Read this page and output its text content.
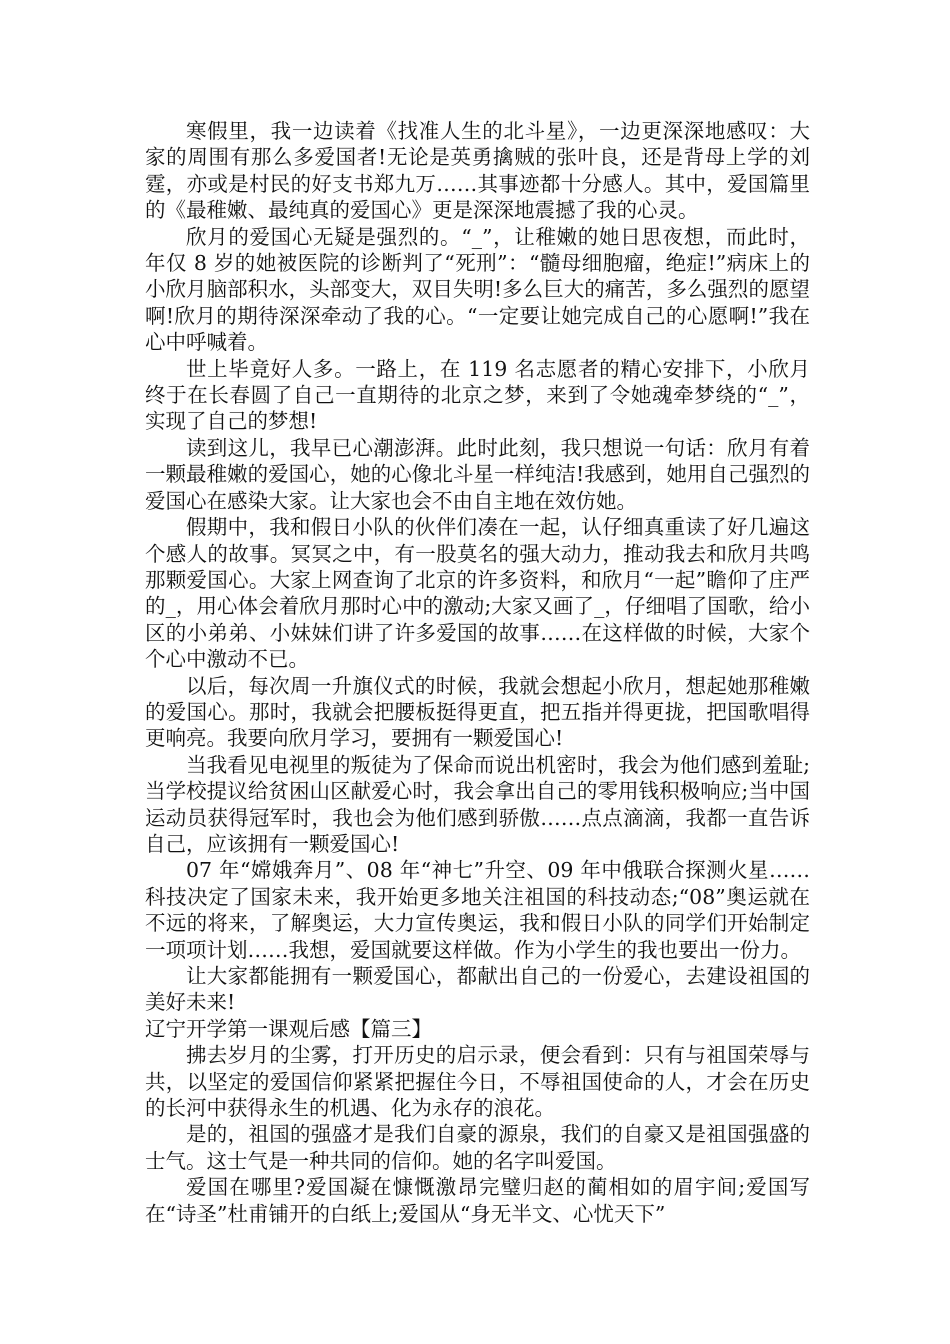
寒假里，我一边读着《找准人生的北斗星》，一边更深深地感叹：大家的周围有那么多爱国者!无论是英勇擒贼的张叶良，还是背母上学的刘霆，亦或是村民的好支书郑九万……其事迹都十分感人。其中，爱国篇里的《最稚嫩、最纯真的爱国心》更是深深地震撼了我的心灵。

欣月的爱国心无疑是强烈的。“_”，让稚嫩的她日思夜想，而此时，年仅 8 岁的她被医院的诊断判了“死刑”：“髓母细胞瘤，绝症!”病床上的小欣月脑部积水，头部变大，双目失明!多么巨大的痛苦，多么强烈的愿望啊!欣月的期待深深牵动了我的心。“一定要让她完成自己的心愿啊!”我在心中呼喊着。

世上毕竟好人多。一路上，在 119 名志愿者的精心安排下，小欣月终于在长春圆了自己一直期待的北京之梦，来到了令她魂牵梦绕的“_”，实现了自己的梦想!

读到这儿，我早已心潮澎湃。此时此刻，我只想说一句话：欣月有着一颗最稚嫩的爱国心，她的心像北斗星一样纯洁!我感到，她用自己强烈的爱国心在感染大家。让大家也会不由自主地在效仿她。

假期中，我和假日小队的伙伴们凑在一起，认仔细真重读了好几遍这个感人的故事。冥冥之中，有一股莫名的强大动力，推动我去和欣月共鸣那颗爱国心。大家上网查询了北京的许多资料，和欣月“一起”瞻仰了庄严的_，用心体会着欣月那时心中的激动;大家又画了_，仔细唱了国歌，给小区的小弟弟、小妹妹们讲了许多爱国的故事……在这样做的时候，大家个个心中激动不已。

以后，每次周一升旗仪式的时候，我就会想起小欣月，想起她那稚嫩的爱国心。那时，我就会把腰板挺得更直，把五指并得更拢，把国歌唱得更响亮。我要向欣月学习，要拥有一颗爱国心!

当我看见电视里的叛徒为了保命而说出机密时，我会为他们感到羞耻;当学校提议给贫困山区献爱心时，我会拿出自己的零用钱积极响应;当中国运动员获得冠军时，我也会为他们感到骄傲……点点滴滴，我都一直告诉自己，应该拥有一颗爱国心!

07 年“嫦娥奔月”、08 年“神七”升空、09 年中俄联合探测火星……科技决定了国家未来，我开始更多地关注祖国的科技动态;“08”奥运就在不远的将来，了解奥运，大力宣传奥运，我和假日小队的同学们开始制定一项项计划……我想，爱国就要这样做。作为小学生的我也要出一份力。

让大家都能拥有一颗爱国心，都献出自己的一份爱心，去建设祖国的美好未来!

辽宁开学第一课观后感【篇三】

拂去岁月的尘雾，打开历史的启示录，便会看到：只有与祖国荣辱与共，以坚定的爱国信仰紧紧把握住今日，不辱祖国使命的人，才会在历史的长河中获得永生的机遇、化为永存的浪花。

是的，祖国的强盛才是我们自豪的源泉，我们的自豪又是祖国强盛的士气。这士气是一种共同的信仰。她的名字叫爱国。

爱国在哪里?爱国凝在慷慨激昂完璧归赵的蔺相如的眉宇间;爱国写在“诗圣”杜甫铺开的白纸上;爱国从“身无半文、心忧天下”
